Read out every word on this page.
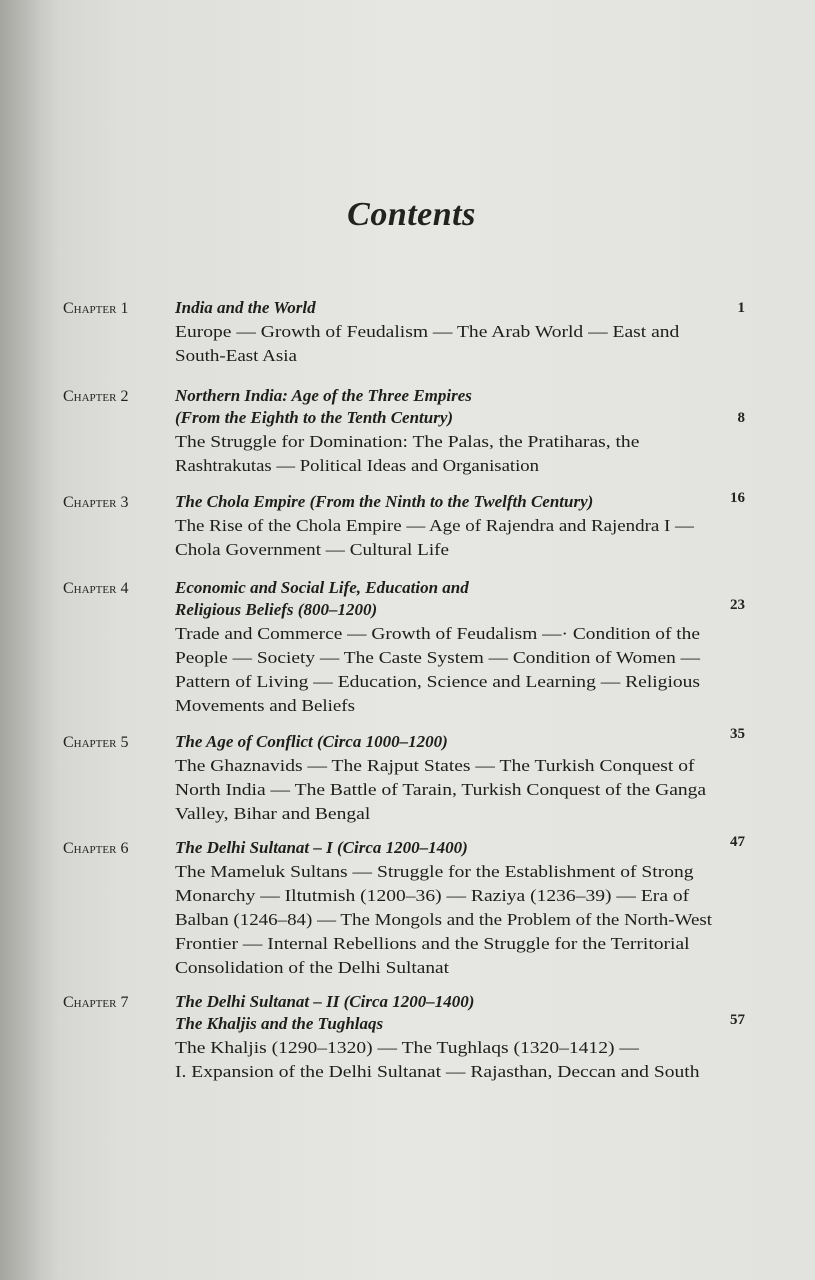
Contents
Chapter 1	India and the World
Europe — Growth of Feudalism — The Arab World — East and
South-East Asia
1
Chapter 2	Northern India: Age of the Three Empires
(From the Eighth to the Tenth Century)
The Struggle for Domination: The Palas, the Pratiharas, the
Rashtrakutas — Political Ideas and Organisation
8
Chapter 3	The Chola Empire (From the Ninth to the Twelfth Century)
The Rise of the Chola Empire — Age of Rajendra and Rajendra I —
Chola Government — Cultural Life
16
Chapter 4	Economic and Social Life, Education and
Religious Beliefs (800–1200)
Trade and Commerce — Growth of Feudalism —· Condition of the
People — Society — The Caste System — Condition of Women —
Pattern of Living — Education, Science and Learning — Religious
Movements and Beliefs
23
Chapter 5	The Age of Conflict (Circa 1000–1200)
The Ghaznavids — The Rajput States — The Turkish Conquest of
North India — The Battle of Tarain, Turkish Conquest of the Ganga
Valley, Bihar and Bengal
35
Chapter 6	The Delhi Sultanat – I (Circa 1200–1400)
The Mameluk Sultans — Struggle for the Establishment of Strong
Monarchy — Iltutmish (1200–36) — Raziya (1236–39) — Era of
Balban (1246–84) — The Mongols and the Problem of the North-West
Frontier — Internal Rebellions and the Struggle for the Territorial
Consolidation of the Delhi Sultanat
47
Chapter 7	The Delhi Sultanat – II (Circa 1200–1400)
The Khaljis and the Tughlaqs
The Khaljis (1290–1320) — The Tughlaqs (1320–1412) —
I. Expansion of the Delhi Sultanat — Rajasthan, Deccan and South
57
